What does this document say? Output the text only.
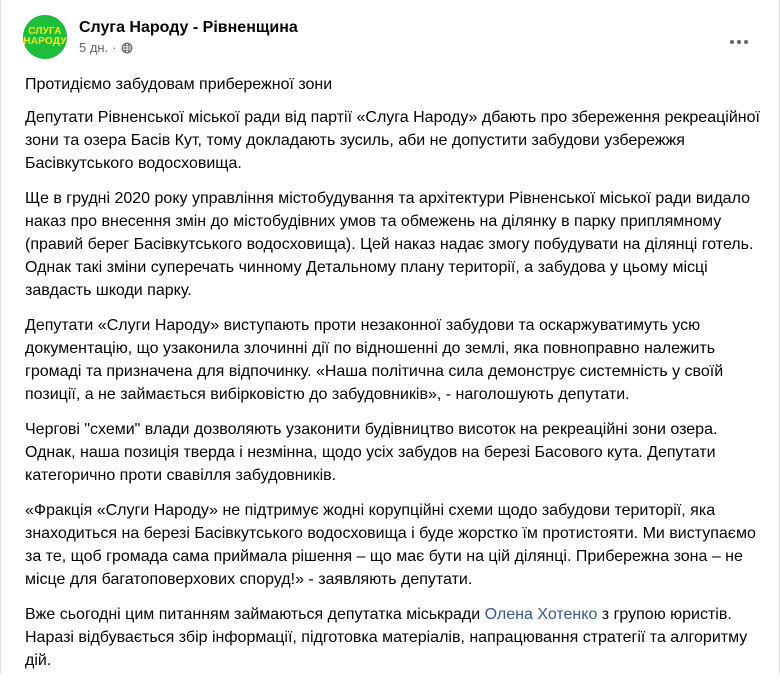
СЛУГА
НАРОДУ
Слуга Народу - Рівненщина
5 дн. ·

Протидіємо забудовам прибережної зони

Депутати Рівненської міської ради від партії «Слуга Народу» дбають про збереження рекреаційної зони та озера Басів Кут, тому докладають зусиль, аби не допустити забудови узбережжя Басівкутського водосховища.

Ще в грудні 2020 року управління містобудування та архітектури Рівненської міської ради видало наказ про внесення змін до містобудівних умов та обмежень на ділянку в парку приплямному (правий берег Басівкутського водосховища). Цей наказ надає змогу побудувати на ділянці готель. Однак такі зміни суперечать чинному Детальному плану території, а забудова у цьому місці завдасть шкоди парку.

Депутати «Слуги Народу» виступають проти незаконної забудови та оскаржуватимуть усю документацію, що узаконила злочинні дії по відношенні до землі, яка повноправно належить громаді та призначена для відпочинку. «Наша політична сила демонструє системність у своїй позиції, а не займається вибірковістю до забудовників», - наголошують депутати.

Чергові "схеми" влади дозволяють узаконити будівництво висоток на рекреаційні зони озера. Однак, наша позиція тверда і незмінна, щодо усіх забудов на березі Басового кута. Депутати категорично проти свавілля забудовників.

«Фракція «Слуги Народу» не підтримує жодні корупційні схеми щодо забудови території, яка знаходиться на березі Басівкутського водосховища і буде жорстко їм протистояти. Ми виступаємо за те, щоб громада сама приймала рішення – що має бути на цій ділянці. Прибережна зона – не місце для багатоповерхових споруд!» - заявляють депутати.

Вже сьогодні цим питанням займаються депутатка міськради Олена Хотенко з групою юристів. Наразі відбувається збір інформації, підготовка матеріалів, напрацювання стратегії та алгоритму дій.
